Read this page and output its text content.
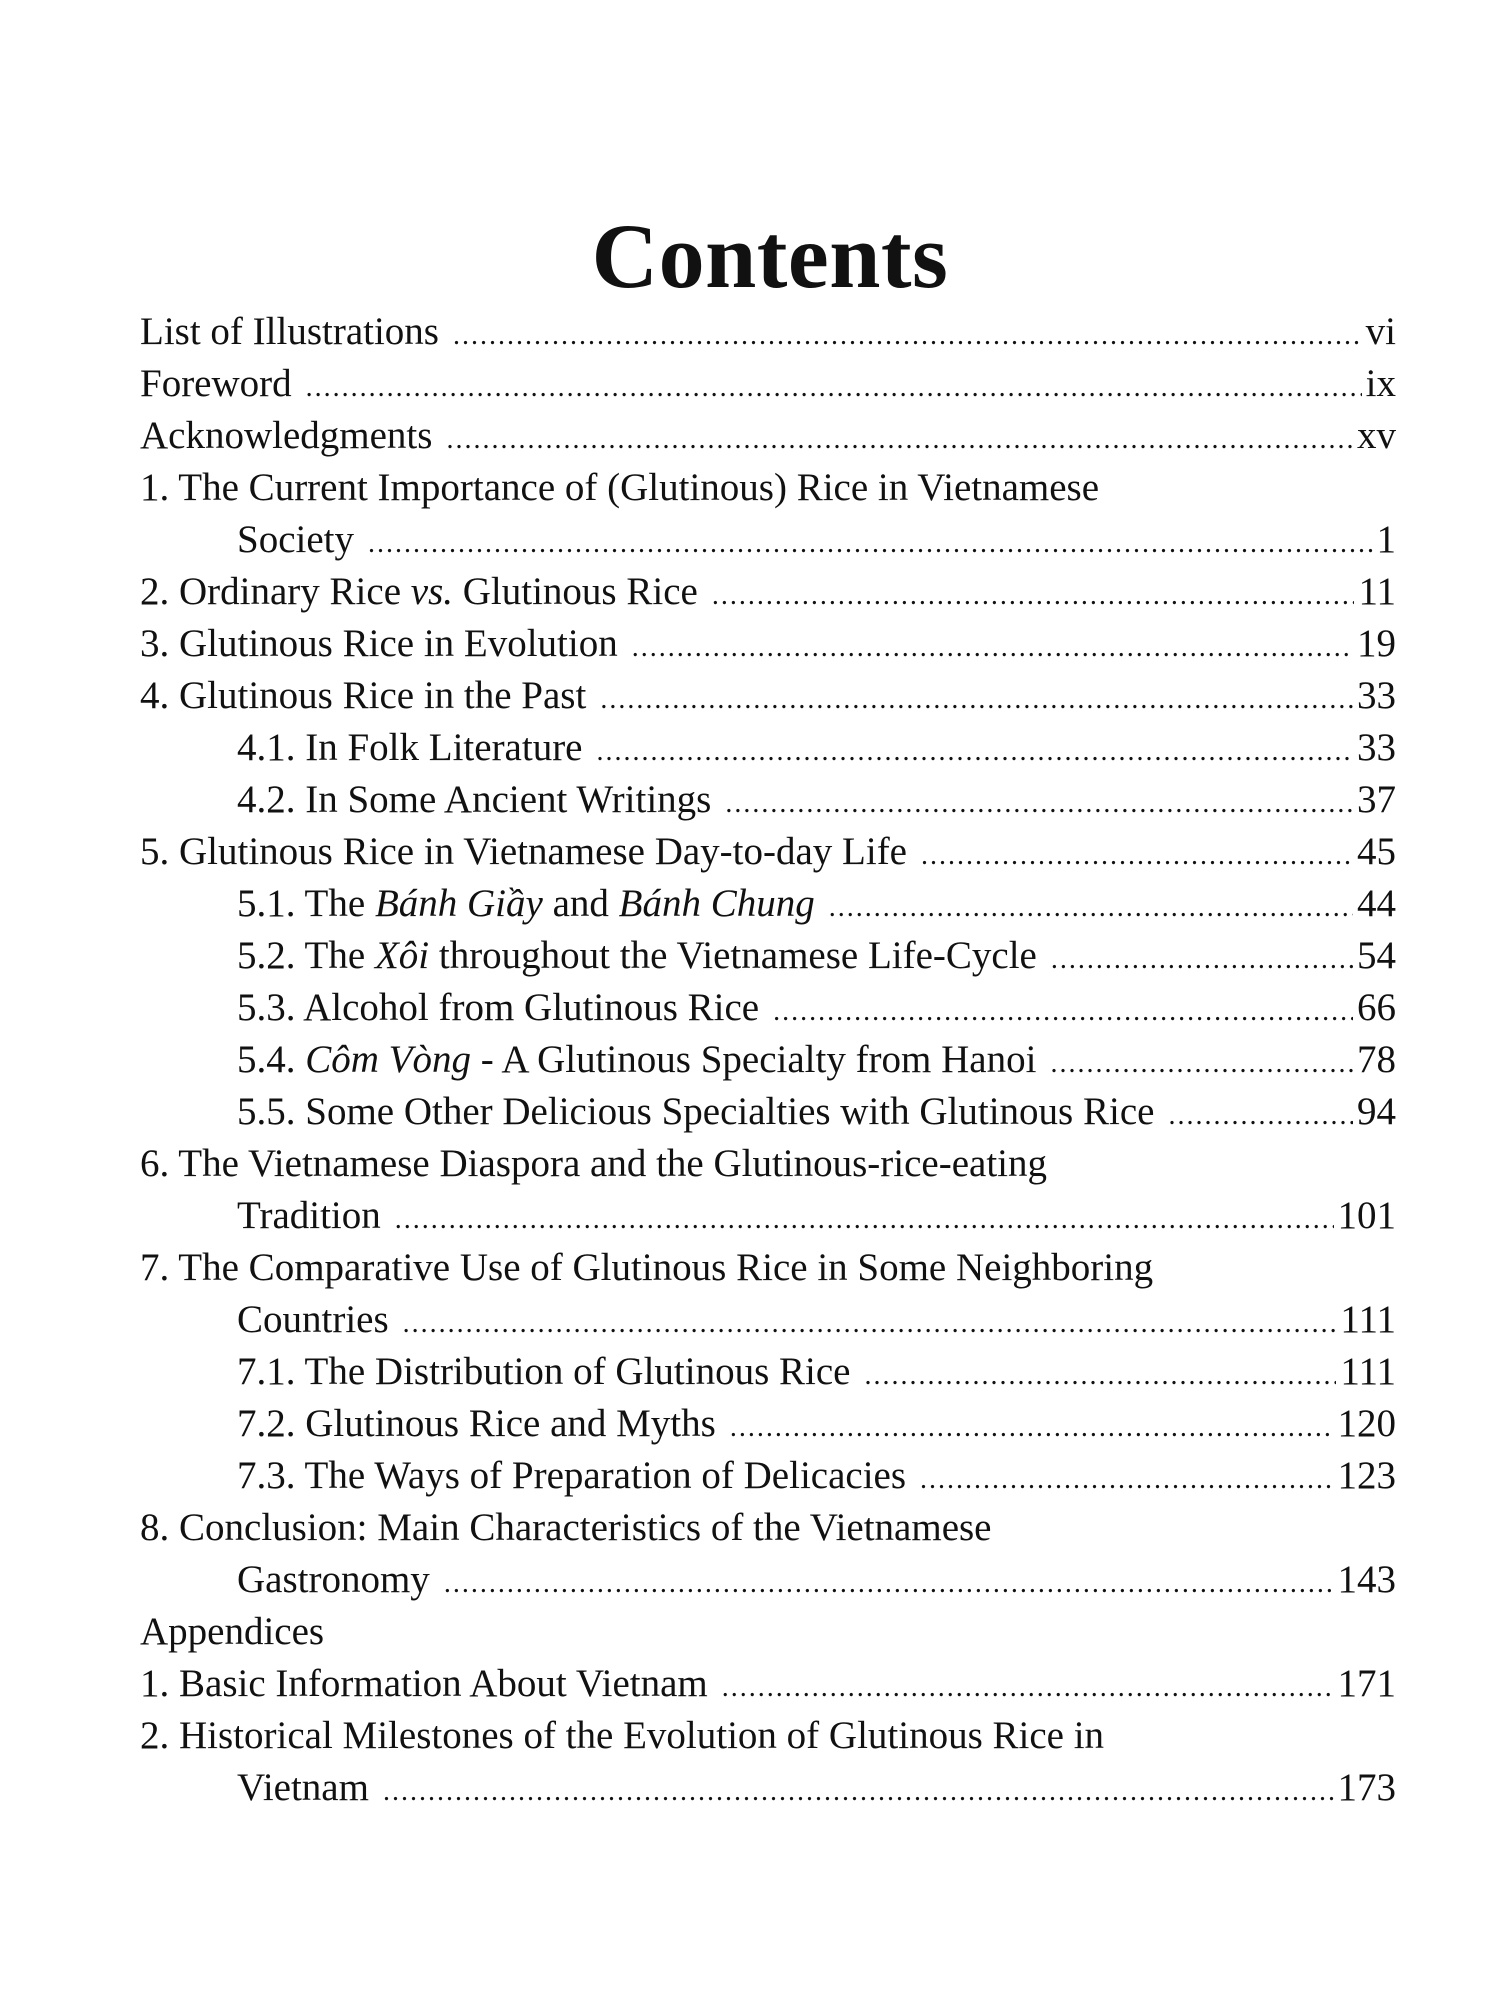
Contents
List of Illustrations .....	vi
Foreword .....	ix
Acknowledgments .....	xv
1. The Current Importance of (Glutinous) Rice in Vietnamese
Society .....	1
2. Ordinary Rice vs. Glutinous Rice .....	11
3. Glutinous Rice in Evolution .....	19
4. Glutinous Rice in the Past .....	33
4.1. In Folk Literature .....	33
4.2. In Some Ancient Writings .....	37
5. Glutinous Rice in Vietnamese Day-to-day Life .....	45
5.1. The Bánh Giầy and Bánh Chung .....	44
5.2. The Xôi throughout the Vietnamese Life-Cycle .....	54
5.3. Alcohol from Glutinous Rice .....	66
5.4. Côm Vòng - A Glutinous Specialty from Hanoi .....	78
5.5. Some Other Delicious Specialties with Glutinous Rice .....	94
6. The Vietnamese Diaspora and the Glutinous-rice-eating
Tradition .....	101
7. The Comparative Use of Glutinous Rice in Some Neighboring
Countries .....	111
7.1. The Distribution of Glutinous Rice .....	111
7.2. Glutinous Rice and Myths .....	120
7.3. The Ways of Preparation of Delicacies .....	123
8. Conclusion: Main Characteristics of the Vietnamese
Gastronomy .....	143
Appendices
1. Basic Information About Vietnam .....	171
2. Historical Milestones of the Evolution of Glutinous Rice in
Vietnam .....	173
